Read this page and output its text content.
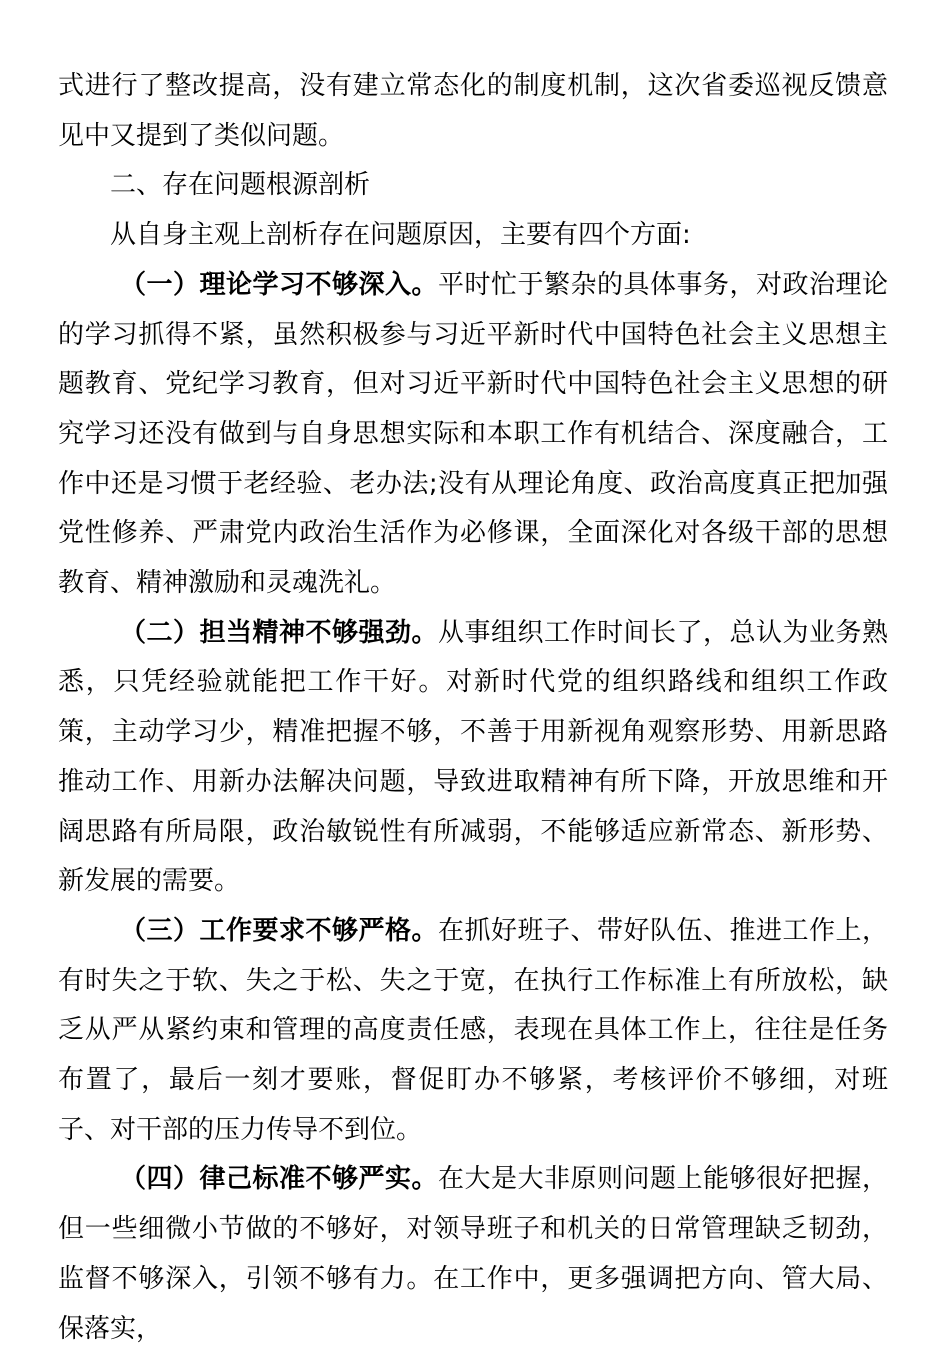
式进行了整改提高，没有建立常态化的制度机制，这次省委巡视反馈意见中又提到了类似问题。

二、存在问题根源剖析

从自身主观上剖析存在问题原因，主要有四个方面:

（一）理论学习不够深入。平时忙于繁杂的具体事务，对政治理论的学习抓得不紧，虽然积极参与习近平新时代中国特色社会主义思想主题教育、党纪学习教育，但对习近平新时代中国特色社会主义思想的研究学习还没有做到与自身思想实际和本职工作有机结合、深度融合，工作中还是习惯于老经验、老办法;没有从理论角度、政治高度真正把加强党性修养、严肃党内政治生活作为必修课，全面深化对各级干部的思想教育、精神激励和灵魂洗礼。

（二）担当精神不够强劲。从事组织工作时间长了，总认为业务熟悉，只凭经验就能把工作干好。对新时代党的组织路线和组织工作政策，主动学习少，精准把握不够，不善于用新视角观察形势、用新思路推动工作、用新办法解决问题，导致进取精神有所下降，开放思维和开阔思路有所局限，政治敏锐性有所减弱，不能够适应新常态、新形势、新发展的需要。

（三）工作要求不够严格。在抓好班子、带好队伍、推进工作上，有时失之于软、失之于松、失之于宽，在执行工作标准上有所放松，缺乏从严从紧约束和管理的高度责任感，表现在具体工作上，往往是任务布置了，最后一刻才要账，督促盯办不够紧，考核评价不够细，对班子、对干部的压力传导不到位。

（四）律己标准不够严实。在大是大非原则问题上能够很好把握，但一些细微小节做的不够好，对领导班子和机关的日常管理缺乏韧劲，监督不够深入，引领不够有力。在工作中，更多强调把方向、管大局、保落实，
